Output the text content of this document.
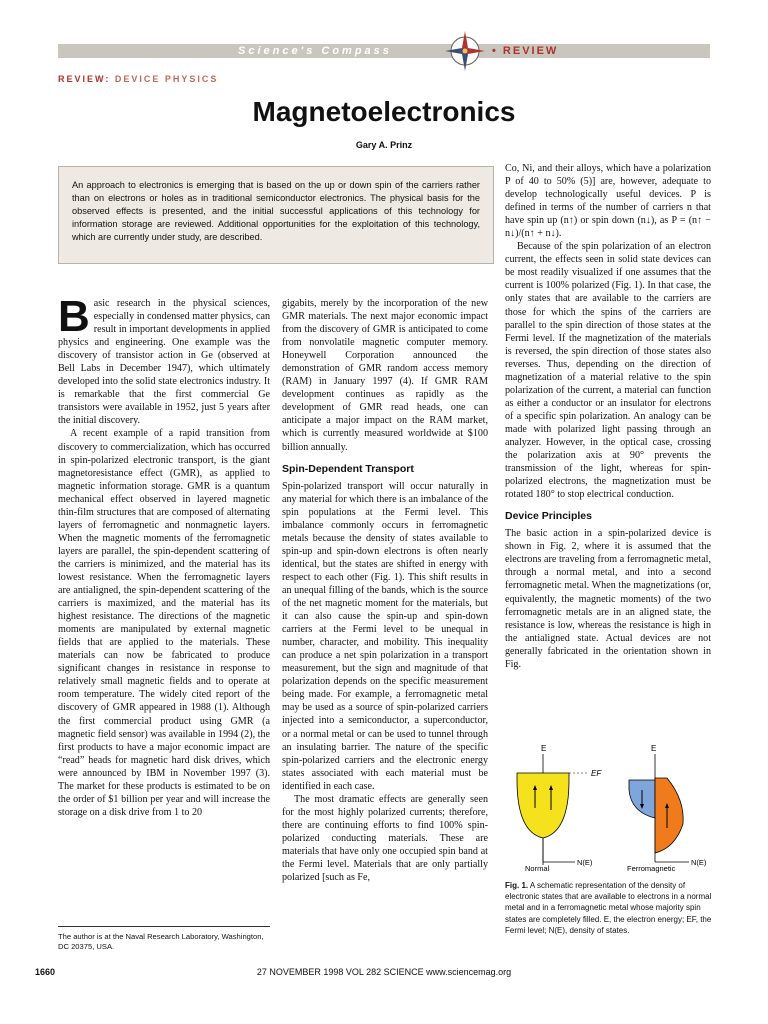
Science's Compass	• REVIEW
REVIEW: DEVICE PHYSICS
Magnetoelectronics
Gary A. Prinz
An approach to electronics is emerging that is based on the up or down spin of the carriers rather than on electrons or holes as in traditional semiconductor electronics. The physical basis for the observed effects is presented, and the initial successful applications of this technology for information storage are reviewed. Additional opportunities for the exploitation of this technology, which are currently under study, are described.
B asic research in the physical sciences, especially in condensed matter physics, can result in important developments in applied physics and engineering. One example was the discovery of transistor action in Ge (observed at Bell Labs in December 1947), which ultimately developed into the solid state electronics industry. It is remarkable that the first commercial Ge transistors were available in 1952, just 5 years after the initial discovery.

A recent example of a rapid transition from discovery to commercialization, which has occurred in spin-polarized electronic transport, is the giant magnetoresistance effect (GMR), as applied to magnetic information storage. GMR is a quantum mechanical effect observed in layered magnetic thin-film structures that are composed of alternating layers of ferromagnetic and nonmagnetic layers. When the magnetic moments of the ferromagnetic layers are parallel, the spin-dependent scattering of the carriers is minimized, and the material has its lowest resistance. When the ferromagnetic layers are antialigned, the spin-dependent scattering of the carriers is maximized, and the material has its highest resistance. The directions of the magnetic moments are manipulated by external magnetic fields that are applied to the materials. These materials can now be fabricated to produce significant changes in resistance in response to relatively small magnetic fields and to operate at room temperature. The widely cited report of the discovery of GMR appeared in 1988 (1). Although the first commercial product using GMR (a magnetic field sensor) was available in 1994 (2), the first products to have a major economic impact are “read” heads for magnetic hard disk drives, which were announced by IBM in November 1997 (3). The market for these products is estimated to be on the order of $1 billion per year and will increase the storage on a disk drive from 1 to 20

gigabits, merely by the incorporation of the new GMR materials. The next major economic impact from the discovery of GMR is anticipated to come from nonvolatile magnetic computer memory. Honeywell Corporation announced the demonstration of GMR random access memory (RAM) in January 1997 (4). If GMR RAM development continues as rapidly as the development of GMR read heads, one can anticipate a major impact on the RAM market, which is currently measured worldwide at $100 billion annually.

Spin-Dependent Transport

Spin-polarized transport will occur naturally in any material for which there is an imbalance of the spin populations at the Fermi level. This imbalance commonly occurs in ferromagnetic metals because the density of states available to spin-up and spin-down electrons is often nearly identical, but the states are shifted in energy with respect to each other (Fig. 1). This shift results in an unequal filling of the bands, which is the source of the net magnetic moment for the materials, but it can also cause the spin-up and spin-down carriers at the Fermi level to be unequal in number, character, and mobility. This inequality can produce a net spin polarization in a transport measurement, but the sign and magnitude of that polarization depends on the specific measurement being made. For example, a ferromagnetic metal may be used as a source of spin-polarized carriers injected into a semiconductor, a superconductor, or a normal metal or can be used to tunnel through an insulating barrier. The nature of the specific spin-polarized carriers and the electronic energy states associated with each material must be identified in each case.

The most dramatic effects are generally seen for the most highly polarized currents; therefore, there are continuing efforts to find 100% spin-polarized conducting materials. These are materials that have only one occupied spin band at the Fermi level. Materials that are only partially polarized [such as Fe,

Co, Ni, and their alloys, which have a polarization P of 40 to 50% (5)] are, however, adequate to develop technologically useful devices. P is defined in terms of the number of carriers n that have spin up (n↑) or spin down (n↓), as P = (n↑ − n↓)/(n↑ + n↓).

Because of the spin polarization of an electron current, the effects seen in solid state devices can be most readily visualized if one assumes that the current is 100% polarized (Fig. 1). In that case, the only states that are available to the carriers are those for which the spins of the carriers are parallel to the spin direction of those states at the Fermi level. If the magnetization of the materials is reversed, the spin direction of those states also reverses. Thus, depending on the direction of magnetization of a material relative to the spin polarization of the current, a material can function as either a conductor or an insulator for electrons of a specific spin polarization. An analogy can be made with polarized light passing through an analyzer. However, in the optical case, crossing the polarization axis at 90° prevents the transmission of the light, whereas for spin-polarized electrons, the magnetization must be rotated 180° to stop electrical conduction.

Device Principles

The basic action in a spin-polarized device is shown in Fig. 2, where it is assumed that the electrons are traveling from a ferromagnetic metal, through a normal metal, and into a second ferromagnetic metal. When the magnetizations (or, equivalently, the magnetic moments) of the two ferromagnetic metals are in an aligned state, the resistance is low, whereas the resistance is high in the antialigned state. Actual devices are not generally fabricated in the orientation shown in Fig.

E
N(E)
EF
Normal
E
N(E)
Ferromagnetic
Fig. 1. A schematic representation of the density of electronic states that are available to electrons in a normal metal and in a ferromagnetic metal whose majority spin states are completely filled. E, the electron energy; EF, the Fermi level; N(E), density of states.
The author is at the Naval Research Laboratory, Washington, DC 20375, USA.
1660	27 NOVEMBER 1998 VOL 282 SCIENCE www.sciencemag.org
